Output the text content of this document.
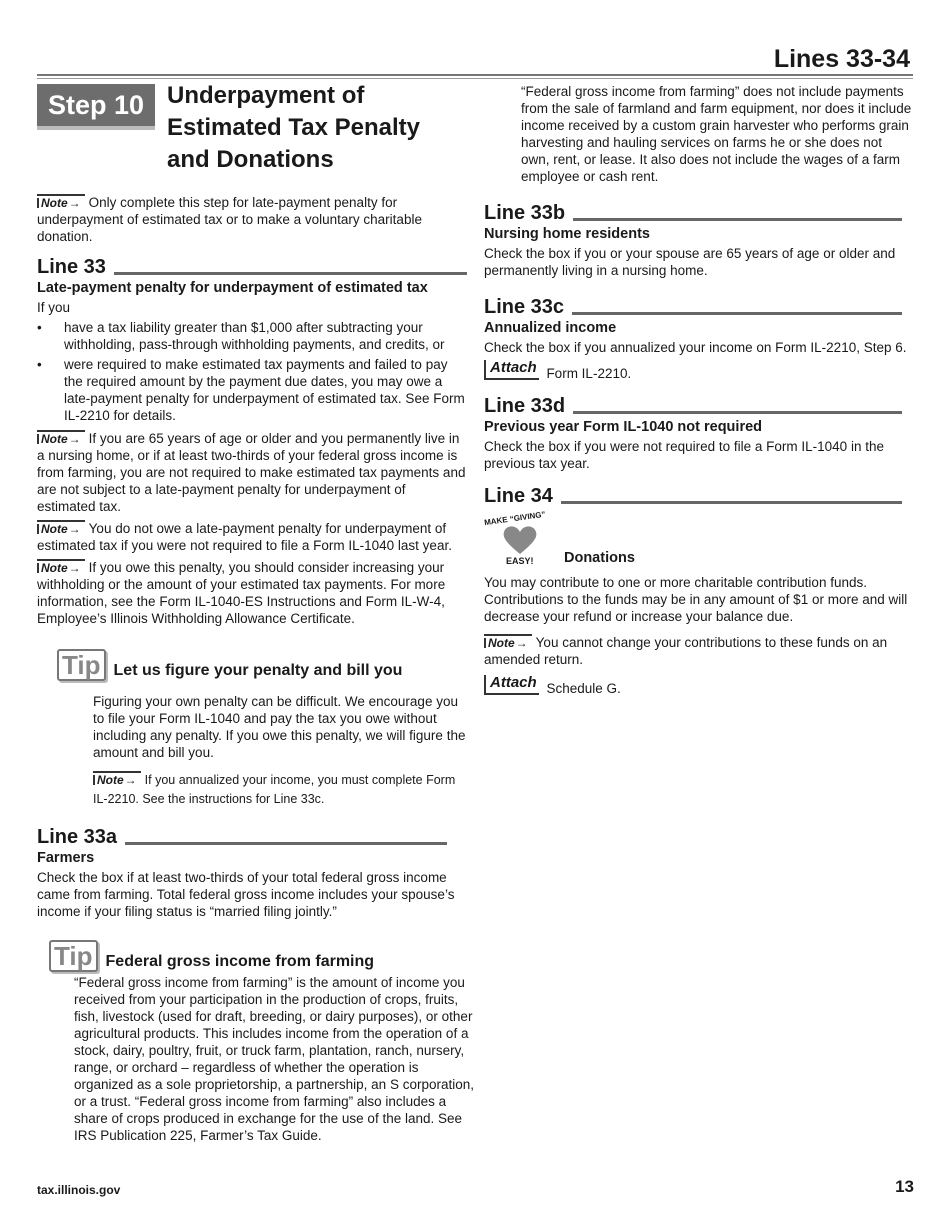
Lines 33-34
Step 10 Underpayment of
Estimated Tax Penalty
and Donations

Note→ Only complete this step for late-payment penalty for underpayment of estimated tax or to make a voluntary charitable donation.

Line 33
Late-payment penalty for underpayment of estimated tax

If you

• have a tax liability greater than $1,000 after subtracting your withholding, pass-through withholding payments, and credits, or

• were required to make estimated tax payments and failed to pay the required amount by the payment due dates, you may owe a late-payment penalty for underpayment of estimated tax. See Form IL-2210 for details.

Note→ If you are 65 years of age or older and you permanently live in a nursing home, or if at least two-thirds of your federal gross income is from farming, you are not required to make estimated tax payments and are not subject to a late-payment penalty for underpayment of estimated tax.

Note→ You do not owe a late-payment penalty for underpayment of estimated tax if you were not required to file a Form IL-1040 last year.

Note→ If you owe this penalty, you should consider increasing your withholding or the amount of your estimated tax payments. For more information, see the Form IL-1040-ES Instructions and Form IL-W-4, Employee’s Illinois Withholding Allowance Certificate.

Tip Let us figure your penalty and bill you

Figuring your own penalty can be difficult. We encourage you to file your Form IL-1040 and pay the tax you owe without including any penalty. If you owe this penalty, we will figure the amount and bill you.

Note→ If you annualized your income, you must complete Form IL-2210. See the instructions for Line 33c.

Line 33a
Farmers

Check the box if at least two-thirds of your total federal gross income came from farming. Total federal gross income includes your spouse’s income if your filing status is “married filing jointly.”

Tip Federal gross income from farming

“Federal gross income from farming” is the amount of income you received from your participation in the production of crops, fruits, fish, livestock (used for draft, breeding, or dairy purposes), or other agricultural products. This includes income from the operation of a stock, dairy, poultry, fruit, or truck farm, plantation, ranch, nursery, range, or orchard – regardless of whether the operation is organized as a sole proprietorship, a partnership, an S corporation, or a trust. “Federal gross income from farming” also includes a share of crops produced in exchange for the use of the land. See IRS Publication 225, Farmer’s Tax Guide.

“Federal gross income from farming” does not include payments from the sale of farmland and farm equipment, nor does it include income received by a custom grain harvester who performs grain harvesting and hauling services on farms he or she does not own, rent, or lease. It also does not include the wages of a farm employee or cash rent.

Line 33b
Nursing home residents

Check the box if you or your spouse are 65 years of age or older and permanently living in a nursing home.

Line 33c
Annualized income

Check the box if you annualized your income on Form IL-2210, Step 6.

Attach Form IL-2210.

Line 33d
Previous year Form IL-1040 not required

Check the box if you were not required to file a Form IL-1040 in the previous tax year.

Line 34
MAKE “GIVING”
EASY! Donations

You may contribute to one or more charitable contribution funds. Contributions to the funds may be in any amount of $1 or more and will decrease your refund or increase your balance due.

Note→ You cannot change your contributions to these funds on an amended return.

Attach Schedule G.

tax.illinois.gov	13
